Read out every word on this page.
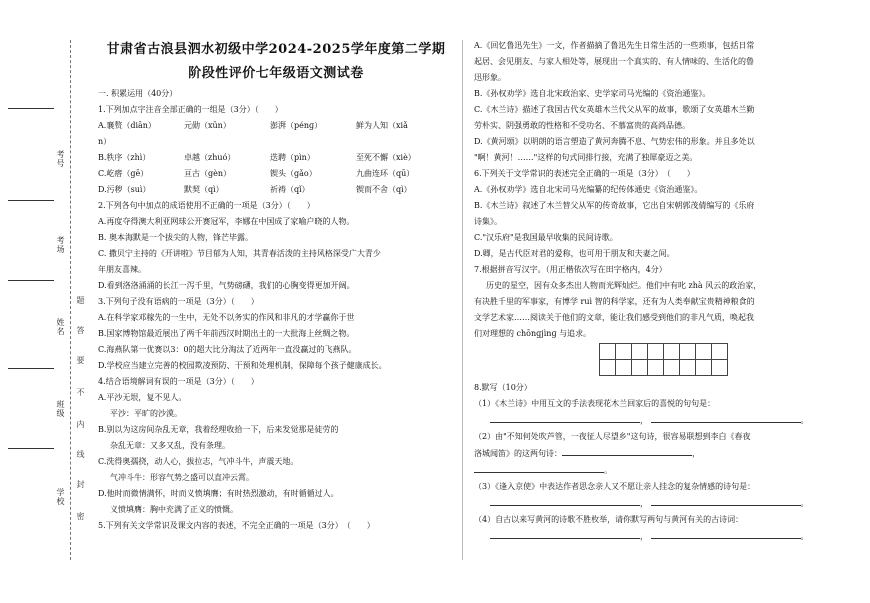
考号
考场
姓名
班级
学校
密
封
线
内
不
要
答
题
甘肃省古浪县泗水初级中学2024-2025学年度第二学期
阶段性评价七年级语文测试卷
一. 积累运用（40分）
1.下列加点字注音全部正确的一组是（3分）（　　）
A.襄赘（diān）	元勋（xūn）	澎湃（pénɡ）	鲜为人知（xiǎ
n）
B.秩序（zhì）	卓越（zhuó）	迭聘（pìn）	至死不懈（xiè）
C.屹瘩（gē）	亘古（gèn）	锲头（gǎo）	九曲连环（qū）
D.污秽（suì）	默契（qì）	祈祷（qǐ）	锲而不舍（qì）
2.下列各句中加点的成语使用不正确的一项是（3分）（　　）
A.再度夺得澳大利亚网球公开赛冠军，李娜在中国成了家喻户晓的人物。
B. 奥本海默是一个拔尖的人物，锋芒毕露。
C. 撒贝宁主持的《开讲啦》节目郁为人知，其青春活泼的主持风格深受广大青少
年朋友喜辣。
D.看到洛洛涌涌的长江一泻千里，气势磅礴，我们的心胸变得更加开阔。
3.下列句子没有语病的一项是（3分）（　　）
A.在科学家邓稼先的一生中，无处不以务实的作风和非凡的才学赢你于世
B.国家博物馆最近展出了两千年前西汉时期出土的一大批海上丝绸之物。
C.海燕队第一优赛以3：0的超大比分淘汰了近两年一直没赢过的飞燕队。
D.学校应当建立完善的校园欺凌预防、干预和处理机制，保障每个孩子健康成长。
4.结合语境解词有误的一项是（3分）（　　）
A.平沙无垠，复不见人。
平沙：平旷的沙漠。
B.别以为这房间杂乱无章，我着经理收拾一下，后来发觉那是徒劳的
杂乱无章：又多又乱，没有条理。
C.洗得奥孺挠，动人心，拔拉志，气冲斗牛，声震天地。
气冲斗牛：形容气势之盛可以直冲云霄。
D.他时而微情满怀，时而义愤填膺；有时热烈激动，有时循循过人。
义愤填膺：胸中充满了正义的愤慨。
5.下列有关文学常识及课文内容的表述，不完全正确的一项是（3分）　（　　）
A.《回忆鲁迅先生》一文，作者描摘了鲁迅先生日常生活的一些琐事，包括日常
起居、会见朋友、与家人相处等，展现出一个真实的、有人情味的、生活化的鲁
迅形象。
B.《孙权劝学》选自北宋政治家、史学家司马光编的《资治通鉴》。
C.《木兰诗》描述了我国古代女英雄木兰代父从军的故事，歌颂了女英雄木兰勤
劳朴实、阴强勇敢的性格和不受功名、不慕富贵的高尚品德。
D.《黄河颂》以明朗的语言塑造了黄河奔腾不息、气势宏伟的形象。并且多处以
"啊！黄河！……"这样的句式同排行接，充满了独犀豪迈之美。
6.下列关于文学常识的表述完全正确的一项是（3分）　（　　）
A.《孙权劝学》选自北宋司马光编纂的纪传体通史《资治通鉴》。
B.《木兰诗》叙述了木兰替父从军的传奇故事，它出自宋朝郭茂倩编写的《乐府
诗集》。
C."汉乐府"是我国最早收集的民间诗歌。
D.卿，是古代臣对君的爱称，也可用于朋友和夫妻之间。
7.根据拼音写汉字。（用正楷依次写在田字格内，4分）
历史的星空，因有众多杰出人物而光辉灿烂。他们中有叱 zhà 风云的政治家，
有决胜千里的军事家，有博学 ruì 智的科学家，还有为人类奉献宝贵精神粮食的
文学艺术家……阅读关于他们的文章，能让我们感受到他们的非凡气质，唤起我
们对理想的 chōnɡjìnɡ 与追求。
8.默写（10分）
（1）《木兰诗》中用互文的手法表现花木兰回家后的喜悦的句句是：
，	。
（2）由"不知何处吹芦管，一夜征人尽望乡"这句诗，很容易联想到李白《春夜
洛城闻笛》的这两句诗：	，
。
（3）《逢入京使》中表达作者思念亲人又不愿让亲人挂念的复杂情感的诗句是：
，	。
（4）自古以来写黄河的诗歌不胜枚举，请你默写两句与黄河有关的古诗词：
，	。
